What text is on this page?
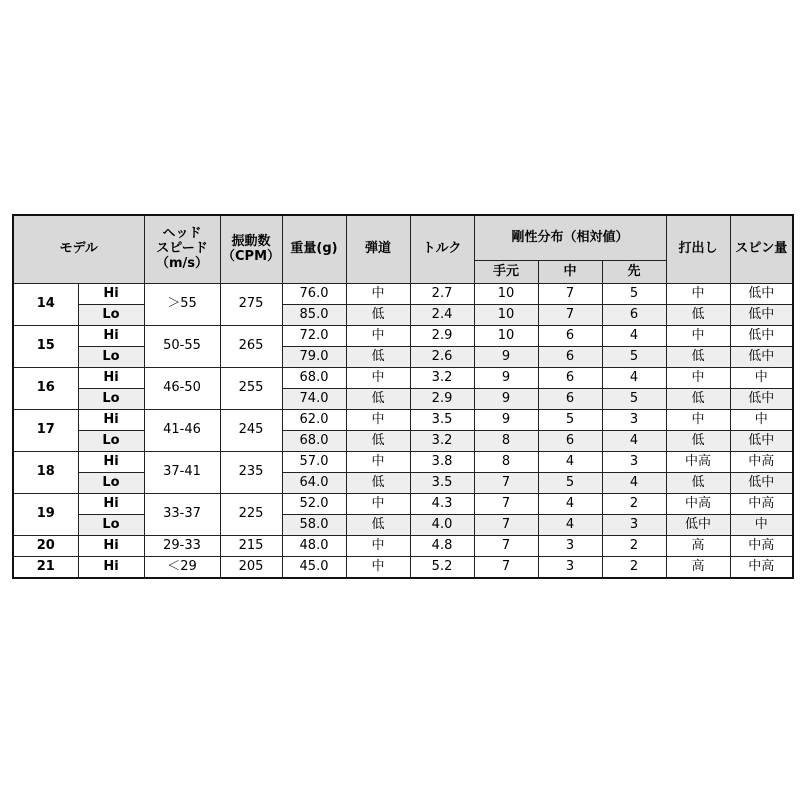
モデル		ヘッド
スピード
（m/s）	振動数
（CPM）	重量(g)	弾道	トルク	剛性分布（相対値）			打出し	スピン量
							手元	中	先		
14	Hi	＞55	275	76.0	中	2.7	10	7	5	中	低中
	Lo			85.0	低	2.4	10	7	6	低	低中
15	Hi	50-55	265	72.0	中	2.9	10	6	4	中	低中
	Lo			79.0	低	2.6	9	6	5	低	低中
16	Hi	46-50	255	68.0	中	3.2	9	6	4	中	中
	Lo			74.0	低	2.9	9	6	5	低	低中
17	Hi	41-46	245	62.0	中	3.5	9	5	3	中	中
	Lo			68.0	低	3.2	8	6	4	低	低中
18	Hi	37-41	235	57.0	中	3.8	8	4	3	中高	中高
	Lo			64.0	低	3.5	7	5	4	低	低中
19	Hi	33-37	225	52.0	中	4.3	7	4	2	中高	中高
	Lo			58.0	低	4.0	7	4	3	低中	中
20	Hi	29-33	215	48.0	中	4.8	7	3	2	高	中高
21	Hi	＜29	205	45.0	中	5.2	7	3	2	高	中高
